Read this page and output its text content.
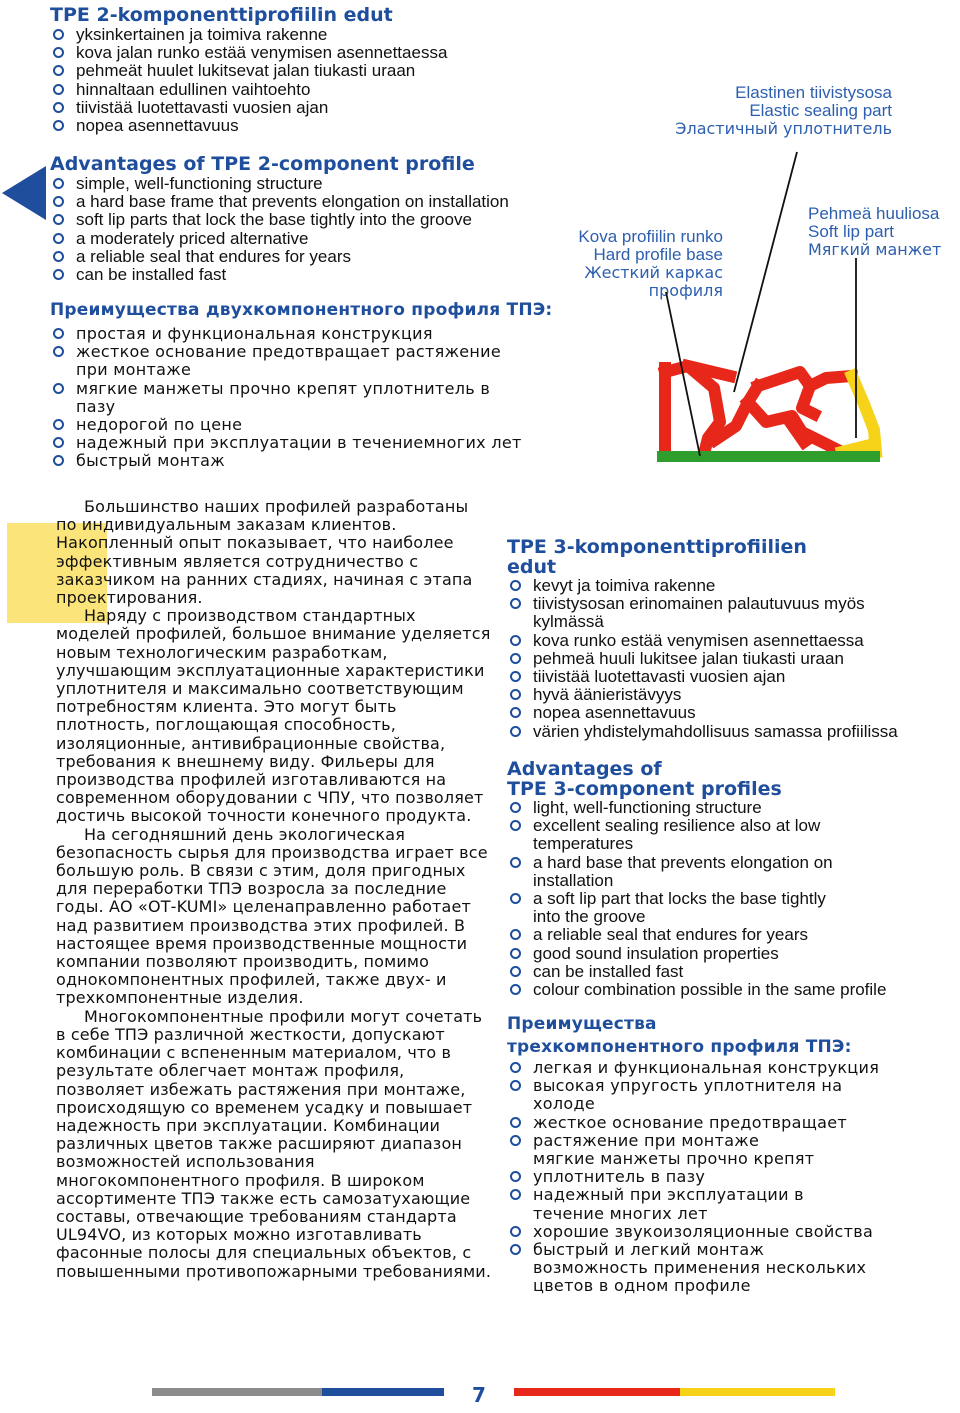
TPE 2-komponenttiprofiilin edut
yksinkertainen ja toimiva rakenne
kova jalan runko estää venymisen asennettaessa
pehmeät huulet lukitsevat jalan tiukasti uraan
hinnaltaan edullinen vaihtoehto
tiivistää luotettavasti vuosien ajan
nopea asennettavuus
Advantages of TPE 2-component profile
simple, well-functioning structure
a hard base frame that prevents elongation on installation
soft lip parts that lock the base tightly into the groove
a moderately priced alternative
a reliable seal that endures for years
can be installed fast
Преимущества двухкомпонентного профиля ТПЭ:
простая и функциональная конструкция
жесткое основание предотвращает растяжение
при монтаже
мягкие манжеты прочно крепят уплотнитель в
пазу
недорогой по цене
надежный при эксплуатации в течениемногих лет
быстрый монтаж
Elastinen tiivistysosa
Elastic sealing part
Эластичный уплотнитель
Kova profiilin runko
Hard profile base
Жесткий каркас
профиля
Pehmeä huuliosa
Soft lip part
Мягкий манжет

Большинство наших профилей разработаны по индивидуальным заказам клиентов. Накопленный опыт показывает, что наиболее эффективным является сотрудничество с заказчиком на ранних стадиях, начиная с этапа проектирования.

Наряду с производством стандартных моделей профилей, большое внимание уделяется новым технологическим разработкам, улучшающим эксплуатационные характеристики уплотнителя и максимально соответствующим потребностям клиента. Это могут быть плотность, поглощающая способность, изоляционные, антивибрационные свойства, требования к внешнему виду. Фильеры для производства профилей изготавливаются на современном оборудовании с ЧПУ, что позволяет достичь высокой точности конечного продукта.

На сегодняшний день экологическая безопасность сырья для производства играет все большую роль. В связи с этим, доля пригодных для переработки ТПЭ возросла за последние годы. АО «ОТ-KUMI» целенаправленно работает над развитием производства этих профилей. В настоящее время производственные мощности компании позволяют производить, помимо однокомпонентных профилей, также двух- и трехкомпонентные изделия.

Многокомпонентные профили могут сочетать в себе ТПЭ различной жесткости, допускают комбинации с вспененным материалом, что в результате облегчает монтаж профиля, позволяет избежать растяжения при монтаже, происходящую со временем усадку и повышает надежность при эксплуатации. Комбинации различных цветов также расширяют диапазон возможностей использования многокомпонентного профиля. В широком ассортименте ТПЭ также есть самозатухающие составы, отвечающие требованиям стандарта UL94VO, из которых можно изготавливать фасонные полосы для специальных объектов, с повышенными противопожарными требованиями.

TPE 3-komponenttiprofiilien
edut
kevyt ja toimiva rakenne
tiivistysosan erinomainen palautuvuus myös
kylmässä
kova runko estää venymisen asennettaessa
pehmeä huuli lukitsee jalan tiukasti uraan
tiivistää luotettavasti vuosien ajan
hyvä äänieristävyys
nopea asennettavuus
värien yhdistelymahdollisuus samassa profiilissa
Advantages of
TPE 3-component profiles
light, well-functioning structure
excellent sealing resilience also at low
temperatures
a hard base that prevents elongation on
installation
a soft lip part that locks the base tightly
into the groove
a reliable seal that endures for years
good sound insulation properties
can be installed fast
colour combination possible in the same profile
Преимущества
трехкомпонентного профиля ТПЭ:
легкая и функциональная конструкция
высокая упругость уплотнителя на
холоде
жесткое основание предотвращает
растяжение при монтаже
мягкие манжеты прочно крепят
уплотнитель в пазу
надежный при эксплуатации в
течение многих лет
хорошие звукоизоляционные свойства
быстрый и легкий монтаж
возможность применения нескольких
цветов в одном профиле
7
